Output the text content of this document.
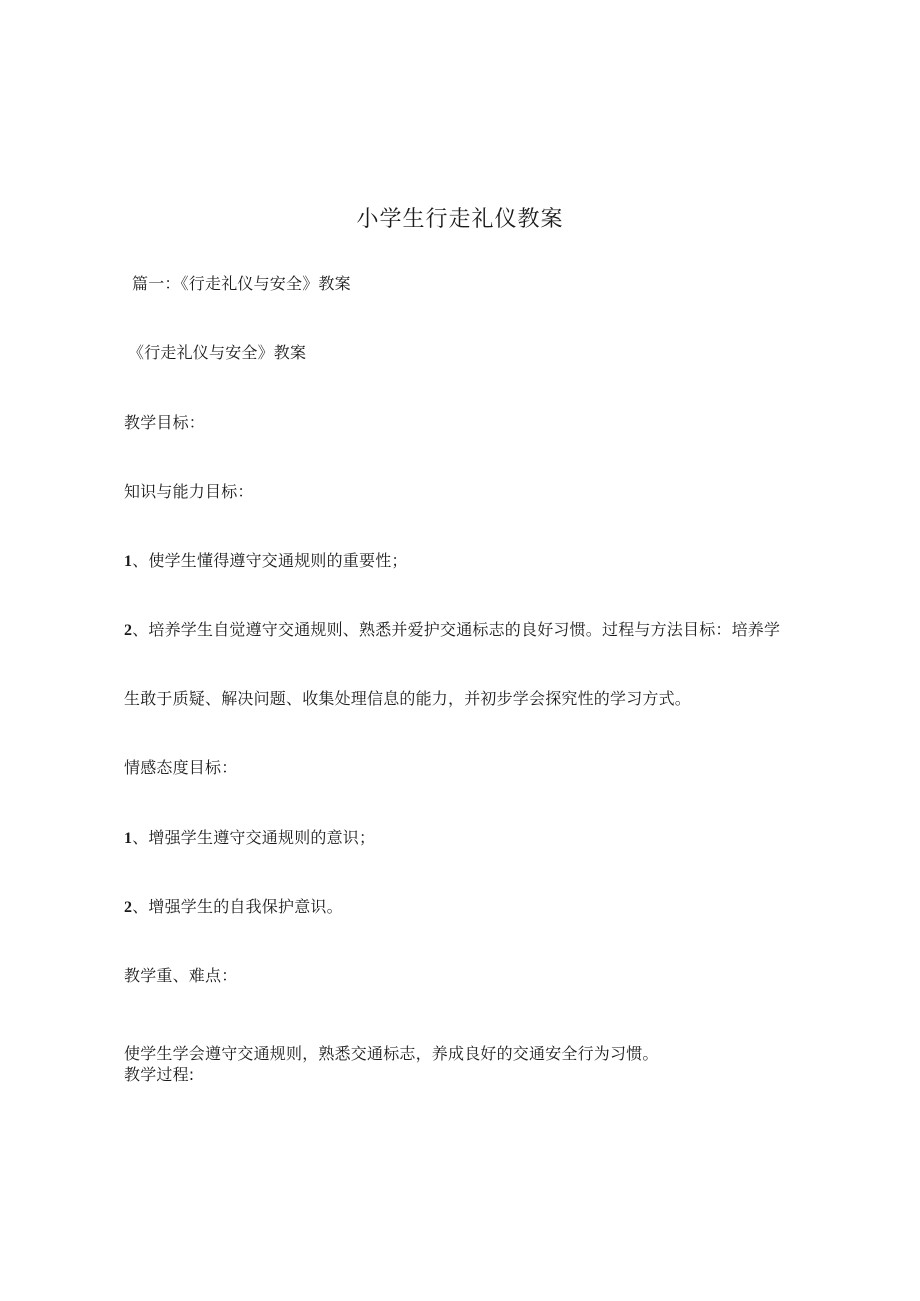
小学生行走礼仪教案
篇一：《行走礼仪与安全》教案
《行走礼仪与安全》教案
教学目标：
知识与能力目标：
1、使学生懂得遵守交通规则的重要性；
2、培养学生自觉遵守交通规则、熟悉并爱护交通标志的良好习惯。过程与方法目标：培养学
生敢于质疑、解决问题、收集处理信息的能力，并初步学会探究性的学习方式。
情感态度目标：
1、增强学生遵守交通规则的意识；
2、增强学生的自我保护意识。
教学重、难点：
使学生学会遵守交通规则，熟悉交通标志，养成良好的交通安全行为习惯。
教学过程:
